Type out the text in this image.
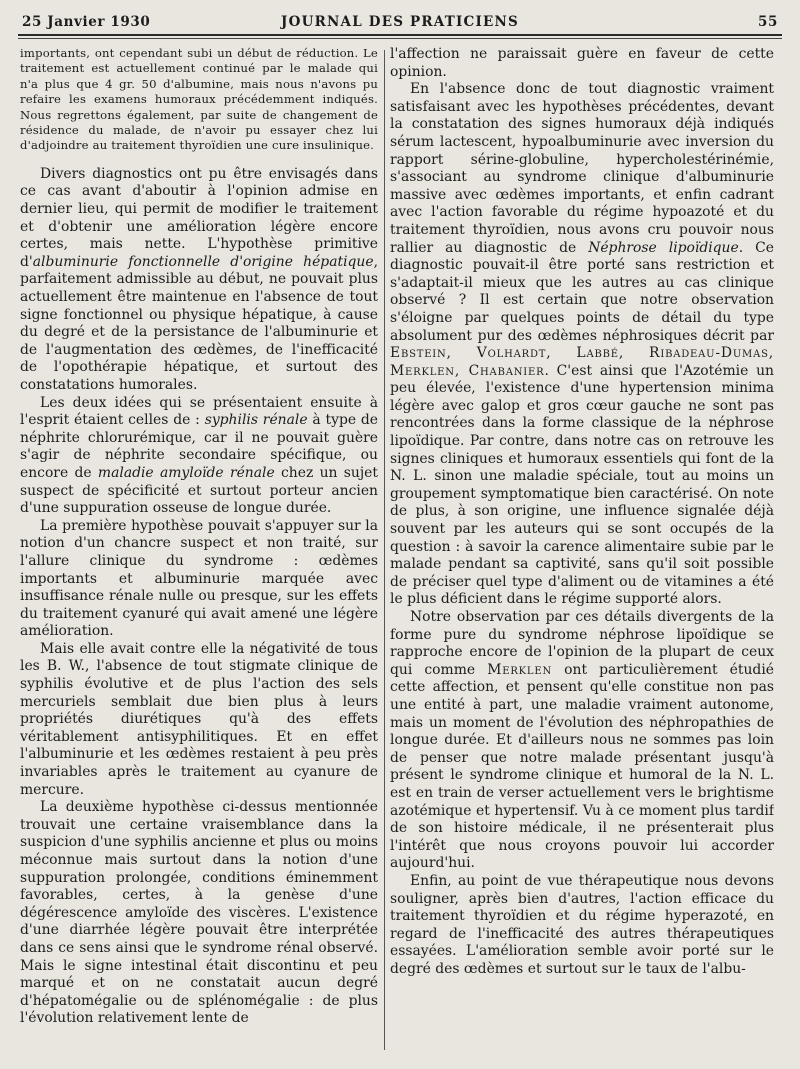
25 Janvier 1930	JOURNAL DES PRATICIENS	55

importants, ont cependant subi un début de réduction. Le traitement est actuellement continué par le malade qui n'a plus que 4 gr. 50 d'albumine, mais nous n'avons pu refaire les examens humoraux précédemment indiqués. Nous regrettons également, par suite de changement de résidence du malade, de n'avoir pu essayer chez lui d'adjoindre au traitement thyroïdien une cure insulinique.

Divers diagnostics ont pu être envisagés dans ce cas avant d'aboutir à l'opinion admise en dernier lieu, qui permit de modifier le traitement et d'obtenir une amélioration légère encore certes, mais nette. L'hypothèse primitive d'albuminurie fonctionnelle d'origine hépatique, parfaitement admissible au début, ne pouvait plus actuellement être maintenue en l'absence de tout signe fonctionnel ou physique hépatique, à cause du degré et de la persistance de l'albuminurie et de l'augmentation des œdèmes, de l'inefficacité de l'opothérapie hépatique, et surtout des constatations humorales.

Les deux idées qui se présentaient ensuite à l'esprit étaient celles de : syphilis rénale à type de néphrite chlorurémique, car il ne pouvait guère s'agir de néphrite secondaire spécifique, ou encore de maladie amyloïde rénale chez un sujet suspect de spécificité et surtout porteur ancien d'une suppuration osseuse de longue durée.

La première hypothèse pouvait s'appuyer sur la notion d'un chancre suspect et non traité, sur l'allure clinique du syndrome : œdèmes importants et albuminurie marquée avec insuffisance rénale nulle ou presque, sur les effets du traitement cyanuré qui avait amené une légère amélioration.

Mais elle avait contre elle la négativité de tous les B. W., l'absence de tout stigmate clinique de syphilis évolutive et de plus l'action des sels mercuriels semblait due bien plus à leurs propriétés diurétiques qu'à des effets véritablement antisyphilitiques. Et en effet l'albuminurie et les œdèmes restaient à peu près invariables après le traitement au cyanure de mercure.

La deuxième hypothèse ci-dessus mentionnée trouvait une certaine vraisemblance dans la suspicion d'une syphilis ancienne et plus ou moins méconnue mais surtout dans la notion d'une suppuration prolongée, conditions éminemment favorables, certes, à la genèse d'une dégérescence amyloïde des viscères. L'existence d'une diarrhée légère pouvait être interprétée dans ce sens ainsi que le syndrome rénal observé. Mais le signe intestinal était discontinu et peu marqué et on ne constatait aucun degré d'hépatomégalie ou de splénomégalie : de plus l'évolution relativement lente de

l'affection ne paraissait guère en faveur de cette opinion.

En l'absence donc de tout diagnostic vraiment satisfaisant avec les hypothèses précédentes, devant la constatation des signes humoraux déjà indiqués sérum lactescent, hypoalbuminurie avec inversion du rapport sérine-globuline, hypercholestérinémie, s'associant au syndrome clinique d'albuminurie massive avec œdèmes importants, et enfin cadrant avec l'action favorable du régime hypoazoté et du traitement thyroïdien, nous avons cru pouvoir nous rallier au diagnostic de Néphrose lipoïdique. Ce diagnostic pouvait-il être porté sans restriction et s'adaptait-il mieux que les autres au cas clinique observé ? Il est certain que notre observation s'éloigne par quelques points de détail du type absolument pur des œdèmes néphrosiques décrit par Ebstein, Volhardt, Labbé, Ribadeau-Dumas, Merklen, Chabanier. C'est ainsi que l'Azotémie un peu élevée, l'existence d'une hypertension minima légère avec galop et gros cœur gauche ne sont pas rencontrées dans la forme classique de la néphrose lipoïdique. Par contre, dans notre cas on retrouve les signes cliniques et humoraux essentiels qui font de la N. L. sinon une maladie spéciale, tout au moins un groupement symptomatique bien caractérisé. On note de plus, à son origine, une influence signalée déjà souvent par les auteurs qui se sont occupés de la question : à savoir la carence alimentaire subie par le malade pendant sa captivité, sans qu'il soit possible de préciser quel type d'aliment ou de vitamines a été le plus déficient dans le régime supporté alors.

Notre observation par ces détails divergents de la forme pure du syndrome néphrose lipoïdique se rapproche encore de l'opinion de la plupart de ceux qui comme Merklen ont particulièrement étudié cette affection, et pensent qu'elle constitue non pas une entité à part, une maladie vraiment autonome, mais un moment de l'évolution des néphropathies de longue durée. Et d'ailleurs nous ne sommes pas loin de penser que notre malade présentant jusqu'à présent le syndrome clinique et humoral de la N. L. est en train de verser actuellement vers le brightisme azotémique et hypertensif. Vu à ce moment plus tardif de son histoire médicale, il ne présenterait plus l'intérêt que nous croyons pouvoir lui accorder aujourd'hui.

Enfin, au point de vue thérapeutique nous devons souligner, après bien d'autres, l'action efficace du traitement thyroïdien et du régime hyperazoté, en regard de l'inefficacité des autres thérapeutiques essayées. L'amélioration semble avoir porté sur le degré des œdèmes et surtout sur le taux de l'albu-
